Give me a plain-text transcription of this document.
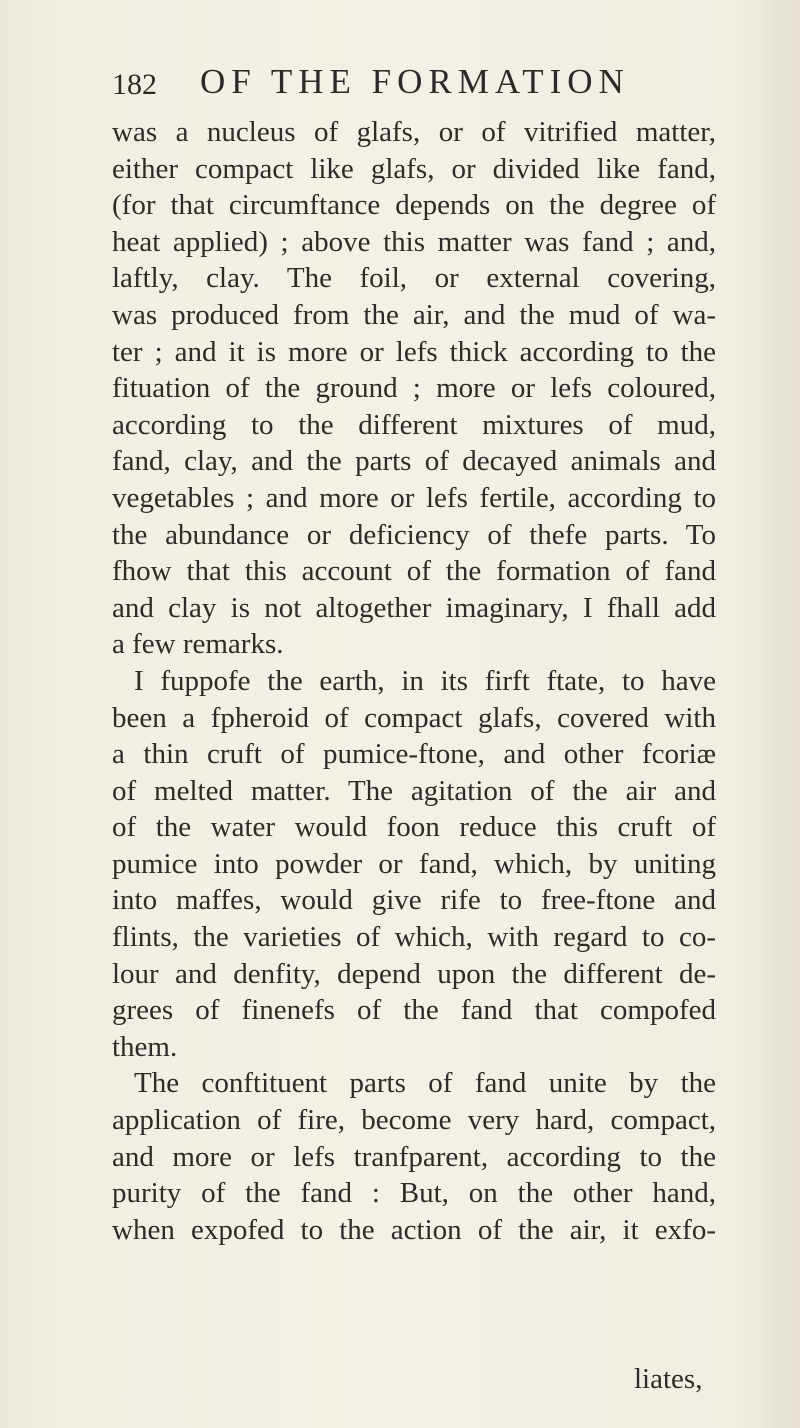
182 OF THE FORMATION
was a nucleus of glafs, or of vitrified matter,
either compact like glafs, or divided like fand,
(for that circumftance depends on the degree of
heat applied) ; above this matter was fand ; and,
laftly, clay. The foil, or external covering,
was produced from the air, and the mud of wa-
ter ; and it is more or lefs thick according to the
fituation of the ground ; more or lefs coloured,
according to the different mixtures of mud,
fand, clay, and the parts of decayed animals and
vegetables ; and more or lefs fertile, according to
the abundance or deficiency of thefe parts. To
fhow that this account of the formation of fand
and clay is not altogether imaginary, I fhall add
a few remarks.
I fuppofe the earth, in its firft ftate, to have
been a fpheroid of compact glafs, covered with
a thin cruft of pumice-ftone, and other fcoriæ
of melted matter. The agitation of the air and
of the water would foon reduce this cruft of
pumice into powder or fand, which, by uniting
into maffes, would give rife to free-ftone and
flints, the varieties of which, with regard to co-
lour and denfity, depend upon the different de-
grees of finenefs of the fand that compofed
them.
The conftituent parts of fand unite by the
application of fire, become very hard, compact,
and more or lefs tranfparent, according to the
purity of the fand : But, on the other hand,
when expofed to the action of the air, it exfo-
liates,
